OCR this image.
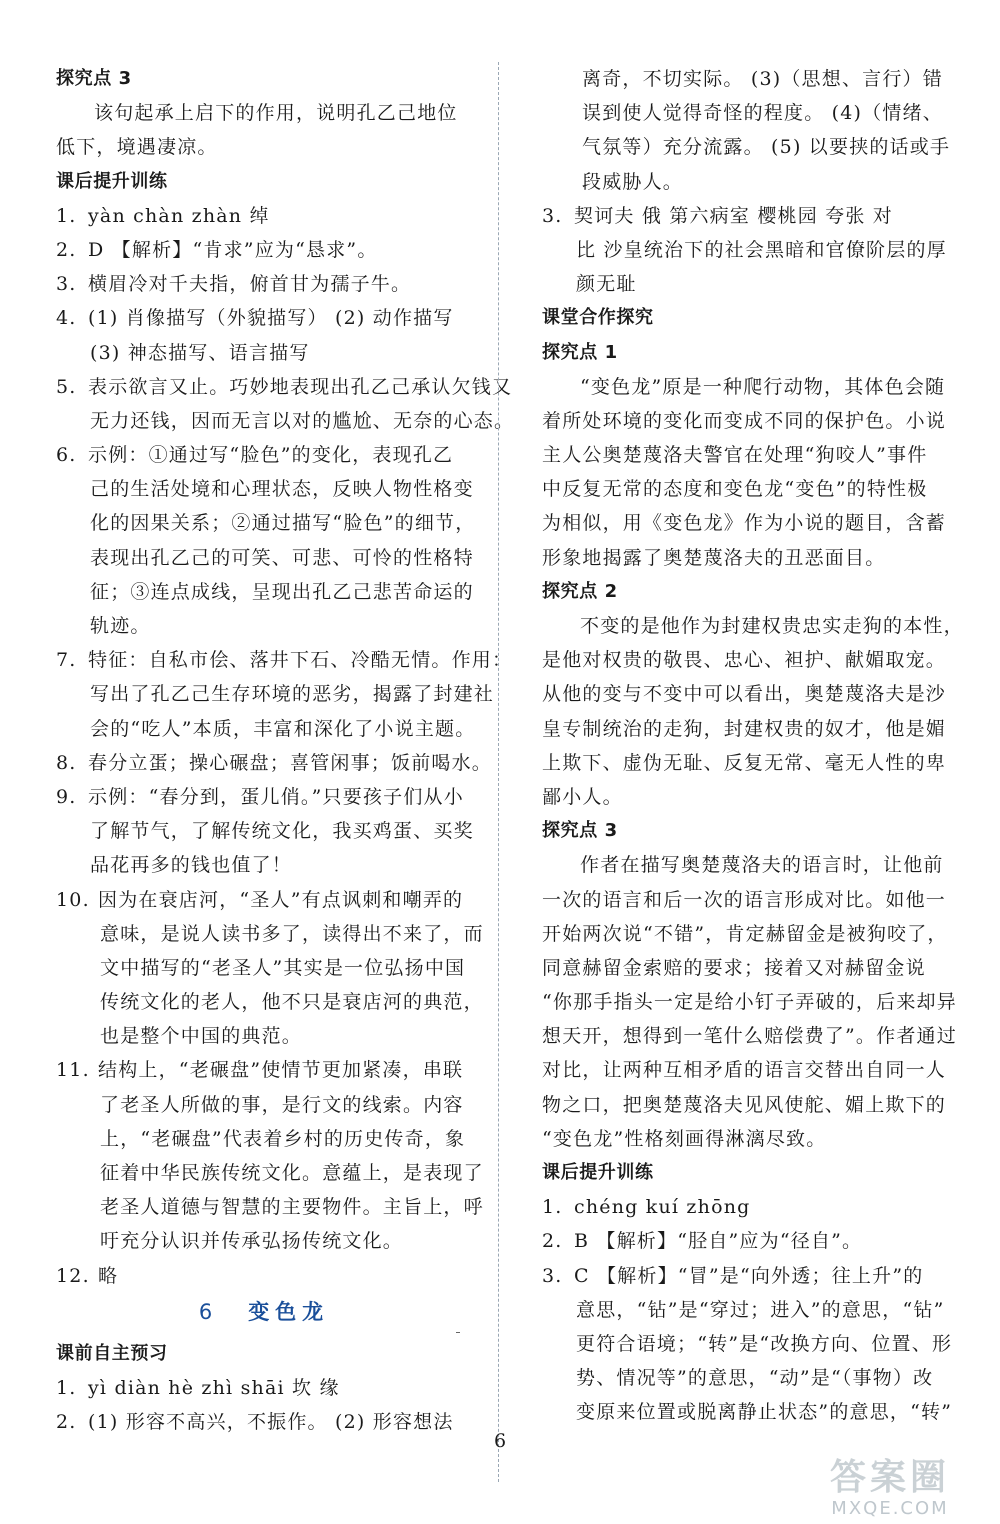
探究点 3
该句起承上启下的作用，说明孔乙己地位
低下，境遇凄凉。
课后提升训练
1. yàn chàn zhàn 绰
2. D 【解析】“肯求”应为“恳求”。
3. 横眉冷对千夫指，俯首甘为孺子牛。
4. (1) 肖像描写（外貌描写） (2) 动作描写
(3) 神态描写、语言描写
5. 表示欲言又止。巧妙地表现出孔乙己承认欠钱又
无力还钱，因而无言以对的尴尬、无奈的心态。
6. 示例：①通过写“脸色”的变化，表现孔乙
己的生活处境和心理状态，反映人物性格变
化的因果关系；②通过描写“脸色”的细节，
表现出孔乙己的可笑、可悲、可怜的性格特
征；③连点成线，呈现出孔乙己悲苦命运的
轨迹。
7. 特征：自私市侩、落井下石、冷酷无情。作用：
写出了孔乙己生存环境的恶劣，揭露了封建社
会的“吃人”本质，丰富和深化了小说主题。
8. 春分立蛋；操心碾盘；喜管闲事；饭前喝水。
9. 示例：“春分到，蛋儿俏。”只要孩子们从小
了解节气，了解传统文化，我买鸡蛋、买奖
品花再多的钱也值了！
10. 因为在衰店河，“圣人”有点讽刺和嘲弄的
意味，是说人读书多了，读得出不来了，而
文中描写的“老圣人”其实是一位弘扬中国
传统文化的老人，他不只是衰店河的典范，
也是整个中国的典范。
11. 结构上，“老碾盘”使情节更加紧凑，串联
了老圣人所做的事，是行文的线索。内容
上，“老碾盘”代表着乡村的历史传奇，象
征着中华民族传统文化。意蕴上，是表现了
老圣人道德与智慧的主要物件。主旨上，呼
吁充分认识并传承弘扬传统文化。
12. 略
6 变色龙
课前自主预习
1. yì diàn hè zhì shāi 坎 缘
2. (1) 形容不高兴，不振作。 (2) 形容想法
离奇，不切实际。 (3)（思想、言行）错
误到使人觉得奇怪的程度。 (4)（情绪、
气氛等）充分流露。 (5) 以要挟的话或手
段威胁人。
3. 契诃夫 俄 第六病室 樱桃园 夸张 对
比 沙皇统治下的社会黑暗和官僚阶层的厚
颜无耻
课堂合作探究
探究点 1
“变色龙”原是一种爬行动物，其体色会随
着所处环境的变化而变成不同的保护色。小说
主人公奥楚蔑洛夫警官在处理“狗咬人”事件
中反复无常的态度和变色龙“变色”的特性极
为相似，用《变色龙》作为小说的题目，含蓄
形象地揭露了奥楚蔑洛夫的丑恶面目。
探究点 2
不变的是他作为封建权贵忠实走狗的本性，
是他对权贵的敬畏、忠心、袒护、献媚取宠。
从他的变与不变中可以看出，奥楚蔑洛夫是沙
皇专制统治的走狗，封建权贵的奴才，他是媚
上欺下、虚伪无耻、反复无常、毫无人性的卑
鄙小人。
探究点 3
作者在描写奥楚蔑洛夫的语言时，让他前
一次的语言和后一次的语言形成对比。如他一
开始两次说“不错”，肯定赫留金是被狗咬了，
同意赫留金索赔的要求；接着又对赫留金说
“你那手指头一定是给小钉子弄破的，后来却异
想天开，想得到一笔什么赔偿费了”。作者通过
对比，让两种互相矛盾的语言交替出自同一人
物之口，把奥楚蔑洛夫见风使舵、媚上欺下的
“变色龙”性格刻画得淋漓尽致。
课后提升训练
1. chéng kuí zhōng
2. B 【解析】“胫自”应为“径自”。
3. C 【解析】“冒”是“向外透；往上升”的
意思，“钻”是“穿过；进入”的意思，“钻”
更符合语境；“转”是“改换方向、位置、形
势、情况等”的意思，“动”是“（事物）改
变原来位置或脱离静止状态”的意思，“转”
6
答案圈
MXQE.COM
